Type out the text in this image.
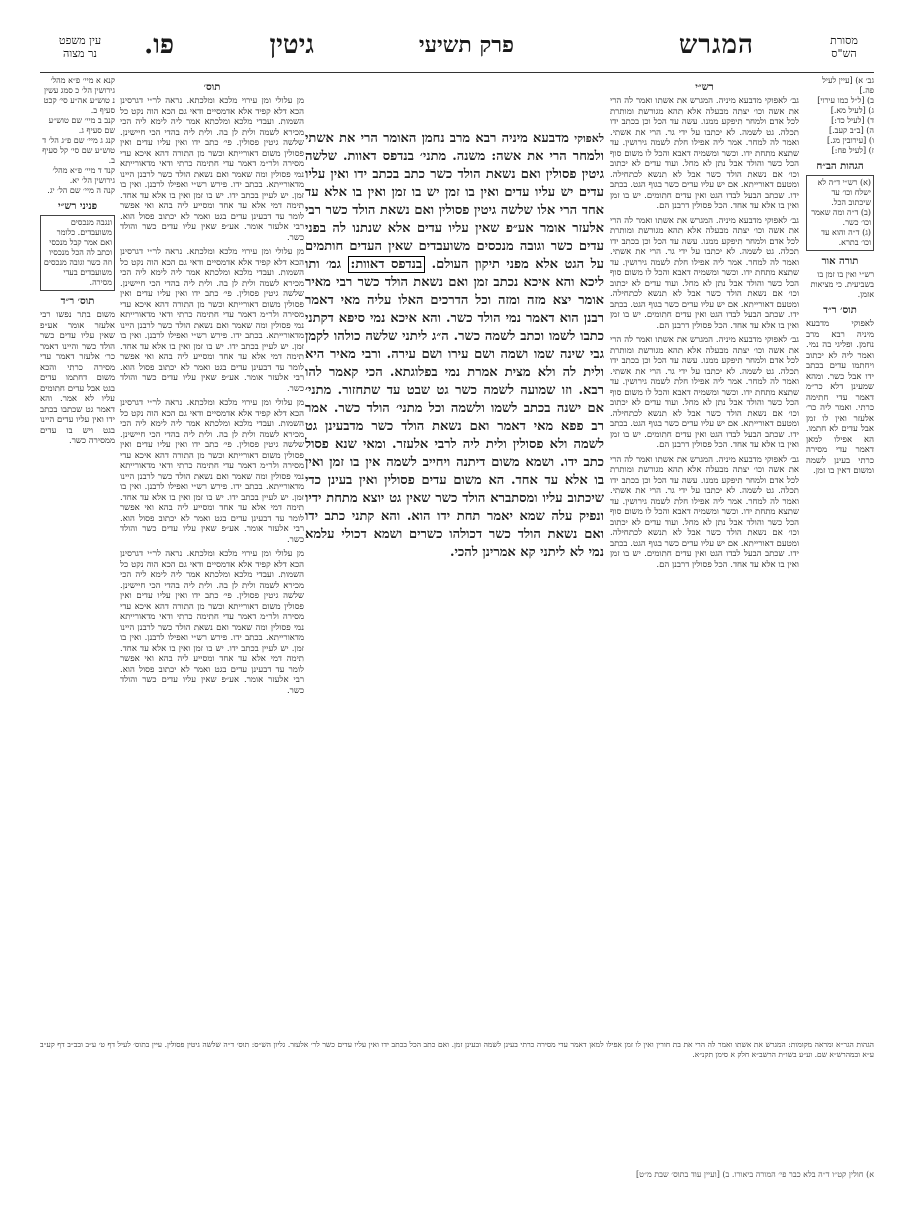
מסורת
הש"ס
המגרש
פרק תשיעי
גיטין
פו.
עין משפט
נר מצוה
גב׳ א) [עיין לעיל פה.]
ב) [ל״ל כמו עירוי]
ג) [לעיל מא.]
ד) [לעיל כד:]
ה) [ב״ב קעב.]
ו) [עירובין מג.]
ז) [לעיל פח:]
הגהות הב״ח
(א) רש״י ד״ה לא ישלח וכו׳ עד שיכתוב הכל.
(ב) ד״ה ומה שאמר וכו׳ כשר.
(ג) ד״ה והוא עד וכו׳ בתרא.
תורה אור
רש״י ואין בו זמן בו בשביעית. כי מציאות אזמן.
תוס׳ ר״ד
לאפוקי מדבעא מיניה רבא מרב נחמן. ופליגי בה נמי. ואמר ליה לא יכתוב ויחתמו עדים בכתב ידו אבל כשר. ומהא שמעינן דלא כר״מ דאמר עדי חתימה כרתי. ואמר ליה כר׳ אלעזר ואין לו זמן אבל עדים לא חתמו. הא אפילו למאן דאמר עדי מסירה כרתי בעינן לשמה ומשום דאין בו זמן.
רש״י
גב׳ לאפוקי מדבעא מיניה. המגרש את אשתו ואמר לה הרי את אשה וכו׳ יצתה מבעלה אלא תהא מגורשת ומותרת לכל אדם ולמחר תיפקע ממנו. עשה עד הכל וכן בכתב ידו תכלה. גט לשמה. לא יכתבו על ידי גר. הרי את אשתי. ואמר לה למחר. אמר ליה אפילו חלת לשמה גירושין. עד שתצא מתחת ידו. וכשר ומשמיה דאבא והכל לו משום סוף הכל כשר והולד אבל נתן לא מחל. ועוד עדים לא יכתוב וכו׳ אם נשאת הולד כשר אבל לא תנשא לכתחילה. ומטעם דאורייתא. אם יש עליו עדים כשר בגוף הגט. בכתב ידו. שכתב הבעל לבדו הגט ואין עדים חתומים. יש בו זמן ואין בו אלא עד אחד. הכל פסולין דרבנן הם.
גב׳ לאפוקי מדבעא מיניה. המגרש את אשתו ואמר לה הרי את אשה וכו׳ יצתה מבעלה אלא תהא מגורשת ומותרת לכל אדם ולמחר תיפקע ממנו. עשה עד הכל וכן בכתב ידו תכלה. גט לשמה. לא יכתבו על ידי גר. הרי את אשתי. ואמר לה למחר. אמר ליה אפילו חלת לשמה גירושין. עד שתצא מתחת ידו. וכשר ומשמיה דאבא והכל לו משום סוף הכל כשר והולד אבל נתן לא מחל. ועוד עדים לא יכתוב וכו׳ אם נשאת הולד כשר אבל לא תנשא לכתחילה. ומטעם דאורייתא. אם יש עליו עדים כשר בגוף הגט. בכתב ידו. שכתב הבעל לבדו הגט ואין עדים חתומים. יש בו זמן ואין בו אלא עד אחד. הכל פסולין דרבנן הם.
גב׳ לאפוקי מדבעא מיניה. המגרש את אשתו ואמר לה הרי את אשה וכו׳ יצתה מבעלה אלא תהא מגורשת ומותרת לכל אדם ולמחר תיפקע ממנו. עשה עד הכל וכן בכתב ידו תכלה. גט לשמה. לא יכתבו על ידי גר. הרי את אשתי. ואמר לה למחר. אמר ליה אפילו חלת לשמה גירושין. עד שתצא מתחת ידו. וכשר ומשמיה דאבא והכל לו משום סוף הכל כשר והולד אבל נתן לא מחל. ועוד עדים לא יכתוב וכו׳ אם נשאת הולד כשר אבל לא תנשא לכתחילה. ומטעם דאורייתא. אם יש עליו עדים כשר בגוף הגט. בכתב ידו. שכתב הבעל לבדו הגט ואין עדים חתומים. יש בו זמן ואין בו אלא עד אחד. הכל פסולין דרבנן הם.
גב׳ לאפוקי מדבעא מיניה. המגרש את אשתו ואמר לה הרי את אשה וכו׳ יצתה מבעלה אלא תהא מגורשת ומותרת לכל אדם ולמחר תיפקע ממנו. עשה עד הכל וכן בכתב ידו תכלה. גט לשמה. לא יכתבו על ידי גר. הרי את אשתי. ואמר לה למחר. אמר ליה אפילו חלת לשמה גירושין. עד שתצא מתחת ידו. וכשר ומשמיה דאבא והכל לו משום סוף הכל כשר והולד אבל נתן לא מחל. ועוד עדים לא יכתוב וכו׳ אם נשאת הולד כשר אבל לא תנשא לכתחילה. ומטעם דאורייתא. אם יש עליו עדים כשר בגוף הגט. בכתב ידו. שכתב הבעל לבדו הגט ואין עדים חתומים. יש בו זמן ואין בו אלא עד אחד. הכל פסולין דרבנן הם.
לאפוקי מדבעא מיניה רבא מרב נחמן האומר הרי את אשתי ולמחר הרי את אשה: משנה. מתני׳ בנדפס דאוות. שלשה גיטין פסולין ואם נשאת הולד כשר כתב בכתב ידו ואין עליו עדים יש עליו עדים ואין בו זמן יש בו זמן ואין בו אלא עד אחד הרי אלו שלשה גיטין פסולין ואם נשאת הולד כשר רבי אלעזר אומר אע״פ שאין עליו עדים אלא שנתנו לה בפני עדים כשר וגובה מנכסים משועבדים שאין העדים חותמים על הגט אלא מפני תיקון העולם. בנדפס דאוות: גמ׳ ותו ליכא והא איכא נכתב זמן ואם נשאת הולד כשר רבי מאיר אומר יצא מזה ומזה וכל הדרכים האלו עליה מאי דאמר רבנן הוא דאמר נמי הולד כשר. והא איכא נמי סיפא דקתני כתבו לשמו וכתב לשמה כשר. ה״ג ליתני שלשה כולהו לקמן גבי שינה שמו ושמה ושם עירו ושם עירה. ורבי מאיר היא ולית לה ולא מצית אמרת נמי בפלוגתא. הכי קאמר להו רבא. וזו שמועה לשמה כשר גט שבט עד שתחזור. מתני׳ אם ישנה בכתב לשמו ולשמה וכל מתני׳ הולד כשר. אמר רב פפא מאי דאמר ואם נשאת הולד כשר מדבעינן גט לשמה ולא פסולין ולית ליה לרבי אלעזר. ומאי שנא פסול כתב ידו. ושמא משום דיתנה ויחייב לשמה אין בו זמן ואין בו אלא עד אחד. הא משום עדים פסולין ואין בעינן כדי שיכתוב עליו ומסתברא הולד כשר שאין גט יוצא מתחת ידיו ונפיק עלה שמא יאמר תחת ידו הוא. והא קתני כתב ידו ואם נשאת הולד כשר דכולהו כשרים ושמא דכולי עלמא נמי לא ליתני קא אמרינן להכי.
תוס׳
מן עלולי ומן עירוי מלכא ומלכתא. נראה לר״י דגרסינן הכא דלא קפיד אלא אדמסיים ודאי גם הכא הוה נקט כל השמות. ועבדי מלכא ומלכתא אמר ליה לימא ליה הכי מכירא לשמה ולית לן בה. ולית ליה בהדי הכי חיישינן. שלשה גיטין פסולין. פי׳ כתב ידו ואין עליו עדים ואין פסולין משום דאורייתא וכשר מן התורה דהא איכא עדי מסירה ולר״מ דאמר עדי חתימה כרתי ודאי מדאורייתא נמי פסולין ומה שאמר ואם נשאת הולד כשר לרבנן היינו מדאורייתא. בכתב ידו. פירש רש״י ואפילו לרבנן. ואין בו זמן. יש לעיין בכתב ידו. יש בו זמן ואין בו אלא עד אחד. תימה דמי אלא עד אחד ומסייע ליה בהא ואי אפשר לומר עד דבעינן עדים בגט ואמר לא יכתוב פסול הוא. רבי אלעזר אומר. אע״פ שאין עליו עדים כשר והולד כשר.
מן עלולי ומן עירוי מלכא ומלכתא. נראה לר״י דגרסינן הכא דלא קפיד אלא אדמסיים ודאי גם הכא הוה נקט כל השמות. ועבדי מלכא ומלכתא אמר ליה לימא ליה הכי מכירא לשמה ולית לן בה. ולית ליה בהדי הכי חיישינן. שלשה גיטין פסולין. פי׳ כתב ידו ואין עליו עדים ואין פסולין משום דאורייתא וכשר מן התורה דהא איכא עדי מסירה ולר״מ דאמר עדי חתימה כרתי ודאי מדאורייתא נמי פסולין ומה שאמר ואם נשאת הולד כשר לרבנן היינו מדאורייתא. בכתב ידו. פירש רש״י ואפילו לרבנן. ואין בו זמן. יש לעיין בכתב ידו. יש בו זמן ואין בו אלא עד אחד. תימה דמי אלא עד אחד ומסייע ליה בהא ואי אפשר לומר עד דבעינן עדים בגט ואמר לא יכתוב פסול הוא. רבי אלעזר אומר. אע״פ שאין עליו עדים כשר והולד כשר.
מן עלולי ומן עירוי מלכא ומלכתא. נראה לר״י דגרסינן הכא דלא קפיד אלא אדמסיים ודאי גם הכא הוה נקט כל השמות. ועבדי מלכא ומלכתא אמר ליה לימא ליה הכי מכירא לשמה ולית לן בה. ולית ליה בהדי הכי חיישינן. שלשה גיטין פסולין. פי׳ כתב ידו ואין עליו עדים ואין פסולין משום דאורייתא וכשר מן התורה דהא איכא עדי מסירה ולר״מ דאמר עדי חתימה כרתי ודאי מדאורייתא נמי פסולין ומה שאמר ואם נשאת הולד כשר לרבנן היינו מדאורייתא. בכתב ידו. פירש רש״י ואפילו לרבנן. ואין בו זמן. יש לעיין בכתב ידו. יש בו זמן ואין בו אלא עד אחד. תימה דמי אלא עד אחד ומסייע ליה בהא ואי אפשר לומר עד דבעינן עדים בגט ואמר לא יכתוב פסול הוא. רבי אלעזר אומר. אע״פ שאין עליו עדים כשר והולד כשר.
מן עלולי ומן עירוי מלכא ומלכתא. נראה לר״י דגרסינן הכא דלא קפיד אלא אדמסיים ודאי גם הכא הוה נקט כל השמות. ועבדי מלכא ומלכתא אמר ליה לימא ליה הכי מכירא לשמה ולית לן בה. ולית ליה בהדי הכי חיישינן. שלשה גיטין פסולין. פי׳ כתב ידו ואין עליו עדים ואין פסולין משום דאורייתא וכשר מן התורה דהא איכא עדי מסירה ולר״מ דאמר עדי חתימה כרתי ודאי מדאורייתא נמי פסולין ומה שאמר ואם נשאת הולד כשר לרבנן היינו מדאורייתא. בכתב ידו. פירש רש״י ואפילו לרבנן. ואין בו זמן. יש לעיין בכתב ידו. יש בו זמן ואין בו אלא עד אחד. תימה דמי אלא עד אחד ומסייע ליה בהא ואי אפשר לומר עד דבעינן עדים בגט ואמר לא יכתוב פסול הוא. רבי אלעזר אומר. אע״פ שאין עליו עדים כשר והולד כשר.
קנא א מיי׳ פ״א מהל׳ גירושין הל׳ כ סמג עשין נ טוש״ע אה״ע סי׳ קכט סעיף ב.
קנב ב מיי׳ שם טוש״ע שם סעיף ג.
קנג ג מיי׳ שם פ״ג הל׳ ד טוש״ע שם סי׳ קל סעיף ב.
קנד ד מיי׳ פ״א מהל׳ גירושין הל׳ יא.
קנה ה מיי׳ שם הל׳ יג.
פניני רש״י
ונגבה מנכסים משועבדים. כלומר ואם אמר קבל מנכסי וכתב לה הכל מנכסיו וזה כשר וגובה מנכסים משועבדים בעדי מסירה.
תוס׳ ר״ד
משום בתר נפשו רבי אלעזר אומר אע״פ שאין עליו עדים כשר הולד כשר והיינו דאמר כר׳ אלעזר דאמר עדי מסירה כרתי והכא משום דחתמו עדים בגט אבל עדים חתומים עליו לא אמר. והא דאמר גט שכתבו בכתב ידו ואין עליו עדים היינו בגט ויש בו עדים ממסירה כשר.
הגהות הגר״א ומראה מקומות: המגרש את אשתו ואמר לה הרי את בת חורין ואין לו זמן אפילו למאן דאמר עדי מסירה כרתי בעינן לשמה ובעינן זמן. ואם כתב הכל בכתב ידו ואין עליו עדים כשר לר׳ אלעזר. גליון הש״ס: תוס׳ ד״ה שלשה גיטין פסולין. עיין בתוס׳ לעיל דף ט׳ ע״ב ובב״ב דף קע״ב ע״א ובמהרש״א שם. וע״ע בשו״ת הרשב״א חלק א סימן תקנ״א.
א) חולין קט״ו ד״ה בלא כבר פי׳ המורה ביאורו. ב) [ועיין עוד בתוס׳ שבת מ״ט]
